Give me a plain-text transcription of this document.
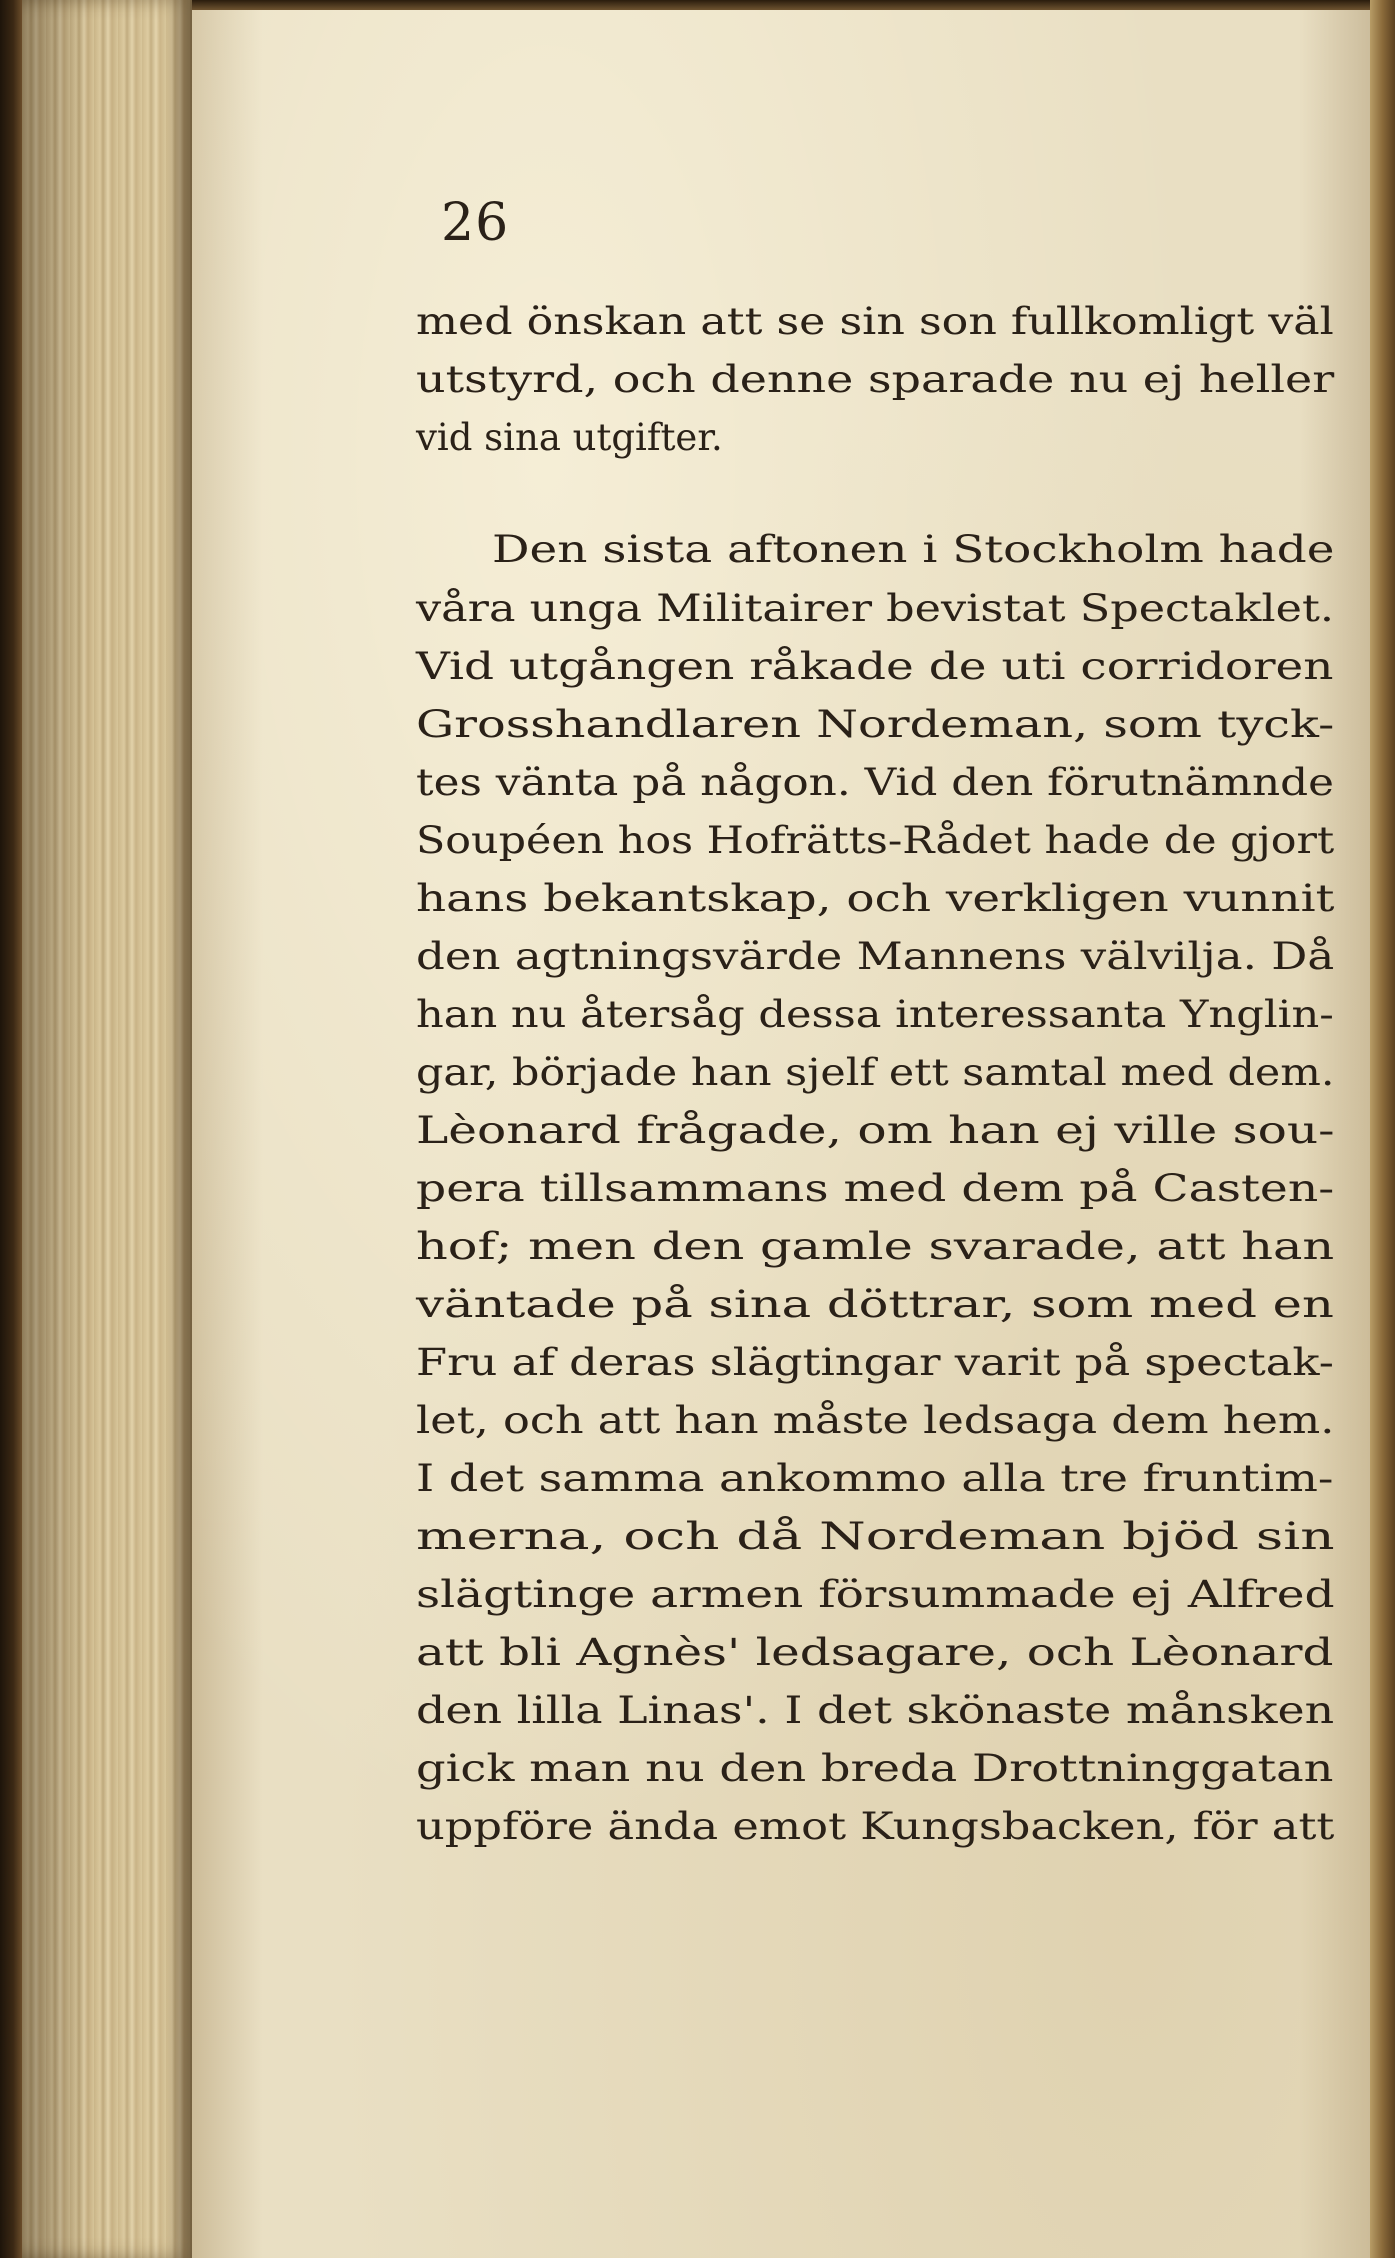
26
med önskan att se sin son fullkomligt väl
utstyrd, och denne sparade nu ej heller
vid sina utgifter.
Den sista aftonen i Stockholm hade
våra unga Militairer bevistat Spectaklet.
Vid utgången råkade de uti corridoren
Grosshandlaren Nordeman, som tyck-
tes vänta på någon. Vid den förutnämnde
Soupéen hos Hofrätts-Rådet hade de gjort
hans bekantskap, och verkligen vunnit
den agtningsvärde Mannens välvilja. Då
han nu återsåg dessa interessanta Ynglin-
gar, började han sjelf ett samtal med dem.
Lèonard frågade, om han ej ville sou-
pera tillsammans med dem på Casten-
hof; men den gamle svarade, att han
väntade på sina döttrar, som med en
Fru af deras slägtingar varit på spectak-
let, och att han måste ledsaga dem hem.
I det samma ankommo alla tre fruntim-
merna, och då Nordeman bjöd sin
slägtinge armen försummade ej Alfred
att bli Agnès' ledsagare, och Lèonard
den lilla Linas'. I det skönaste månsken
gick man nu den breda Drottninggatan
uppföre ända emot Kungsbacken, för att
